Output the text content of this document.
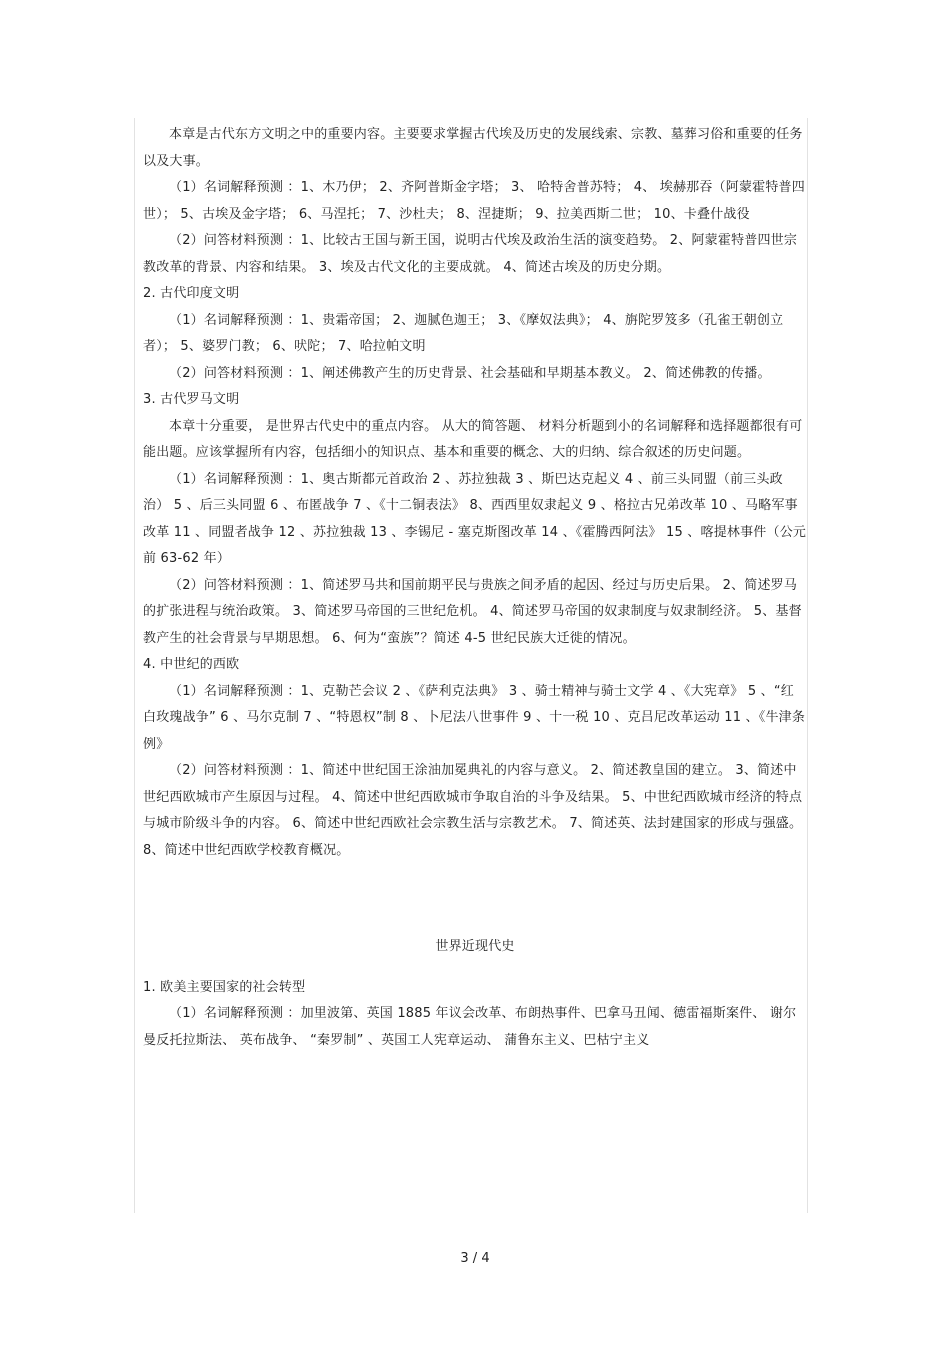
本章是古代东方文明之中的重要内容。主要要求掌握古代埃及历史的发展线索、宗教、墓葬习俗和重要的任务以及大事。

（1）名词解释预测 ：1、木乃伊； 2、齐阿普斯金字塔； 3、 哈特舍普苏特； 4、 埃赫那吞（阿蒙霍特普四世）； 5、古埃及金字塔； 6、马涅托； 7、沙杜夫； 8、涅捷斯； 9、拉美西斯二世； 10、卡叠什战役

（2）问答材料预测 ：1、比较古王国与新王国，说明古代埃及政治生活的演变趋势。 2、阿蒙霍特普四世宗教改革的背景、内容和结果。 3、埃及古代文化的主要成就。 4、简述古埃及的历史分期。

2. 古代印度文明

（1）名词解释预测 ：1、贵霜帝国； 2、迦腻色迦王； 3、《摩奴法典》； 4、旃陀罗笈多（孔雀王朝创立者）； 5、婆罗门教； 6、吠陀； 7、哈拉帕文明

（2）问答材料预测 ：1、阐述佛教产生的历史背景、社会基础和早期基本教义。 2、简述佛教的传播。

3. 古代罗马文明

本章十分重要， 是世界古代史中的重点内容。 从大的简答题、 材料分析题到小的名词解释和选择题都很有可能出题。应该掌握所有内容，包括细小的知识点、基本和重要的概念、大的归纳、综合叙述的历史问题。

（1）名词解释预测 ：1、奥古斯都元首政治 2 、苏拉独裁 3 、斯巴达克起义 4 、前三头同盟（前三头政治） 5 、后三头同盟 6 、布匿战争 7 、《十二铜表法》 8、西西里奴隶起义 9 、格拉古兄弟改革 10 、马略军事改革 11 、同盟者战争 12 、苏拉独裁 13 、李锡尼 - 塞克斯图改革 14 、《霍腾西阿法》 15 、喀提林事件（公元前 63-62 年）

（2）问答材料预测 ：1、简述罗马共和国前期平民与贵族之间矛盾的起因、经过与历史后果。 2、简述罗马的扩张进程与统治政策。 3、简述罗马帝国的三世纪危机。 4、简述罗马帝国的奴隶制度与奴隶制经济。 5、基督教产生的社会背景与早期思想。 6、何为“蛮族”？简述 4-5 世纪民族大迁徙的情况。

4. 中世纪的西欧

（1）名词解释预测 ：1、克勒芒会议 2 、《萨利克法典》 3 、骑士精神与骑士文学 4 、《大宪章》 5 、“红白玫瑰战争” 6 、马尔克制 7 、“特恩权”制 8 、卜尼法八世事件 9 、十一税 10 、克吕尼改革运动 11 、《牛津条例》

（2）问答材料预测 ：1、简述中世纪国王涂油加冕典礼的内容与意义。 2、简述教皇国的建立。 3、简述中世纪西欧城市产生原因与过程。 4、简述中世纪西欧城市争取自治的斗争及结果。 5、中世纪西欧城市经济的特点与城市阶级斗争的内容。 6、简述中世纪西欧社会宗教生活与宗教艺术。 7、简述英、法封建国家的形成与强盛。 8、简述中世纪西欧学校教育概况。

世界近现代史

1. 欧美主要国家的社会转型

（1）名词解释预测 ：加里波第、英国 1885 年议会改革、布朗热事件、巴拿马丑闻、德雷福斯案件、 谢尔曼反托拉斯法、 英布战争、 “秦罗制” 、英国工人宪章运动、 蒲鲁东主义、巴枯宁主义

3 / 4
